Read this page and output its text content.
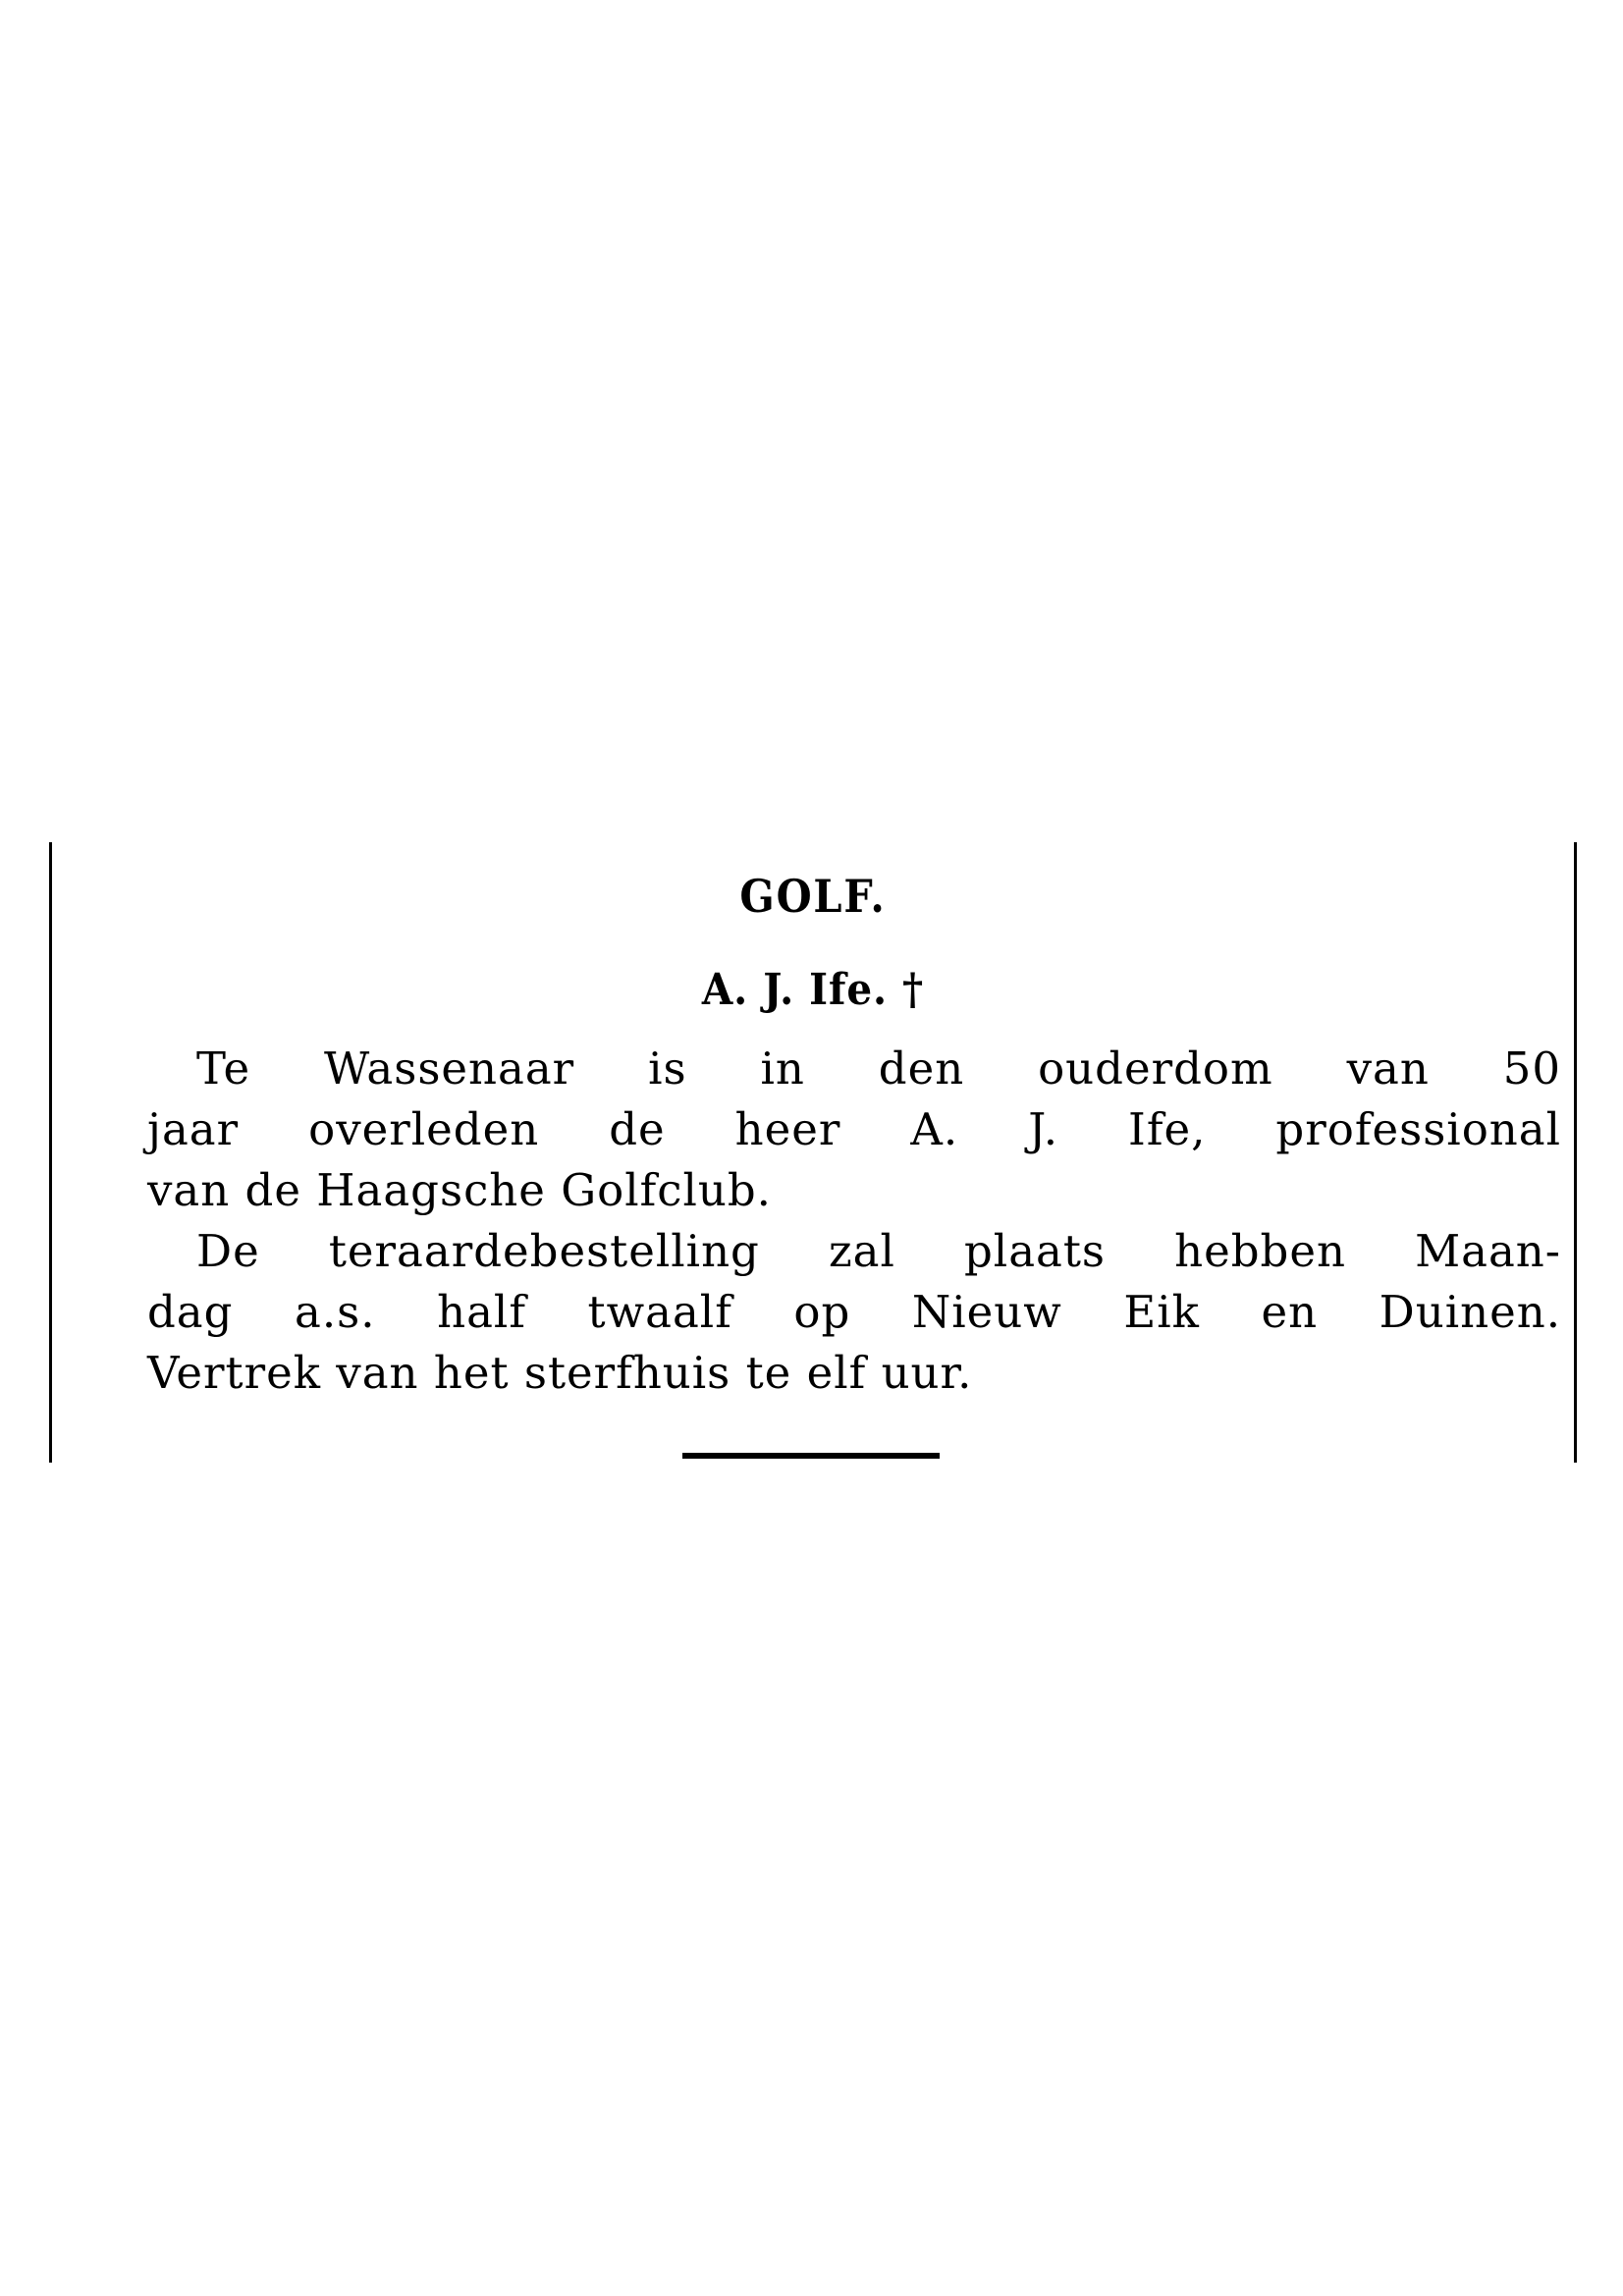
GOLF.
A. J. Ife. †

Te Wassenaar is in den ouderdom van 50
jaar overleden de heer A. J. Ife, professional
van de Haagsche Golfclub.

De teraardebestelling zal plaats hebben Maan-
dag a.s. half twaalf op Nieuw Eik en Duinen.
Vertrek van het sterfhuis te elf uur.
